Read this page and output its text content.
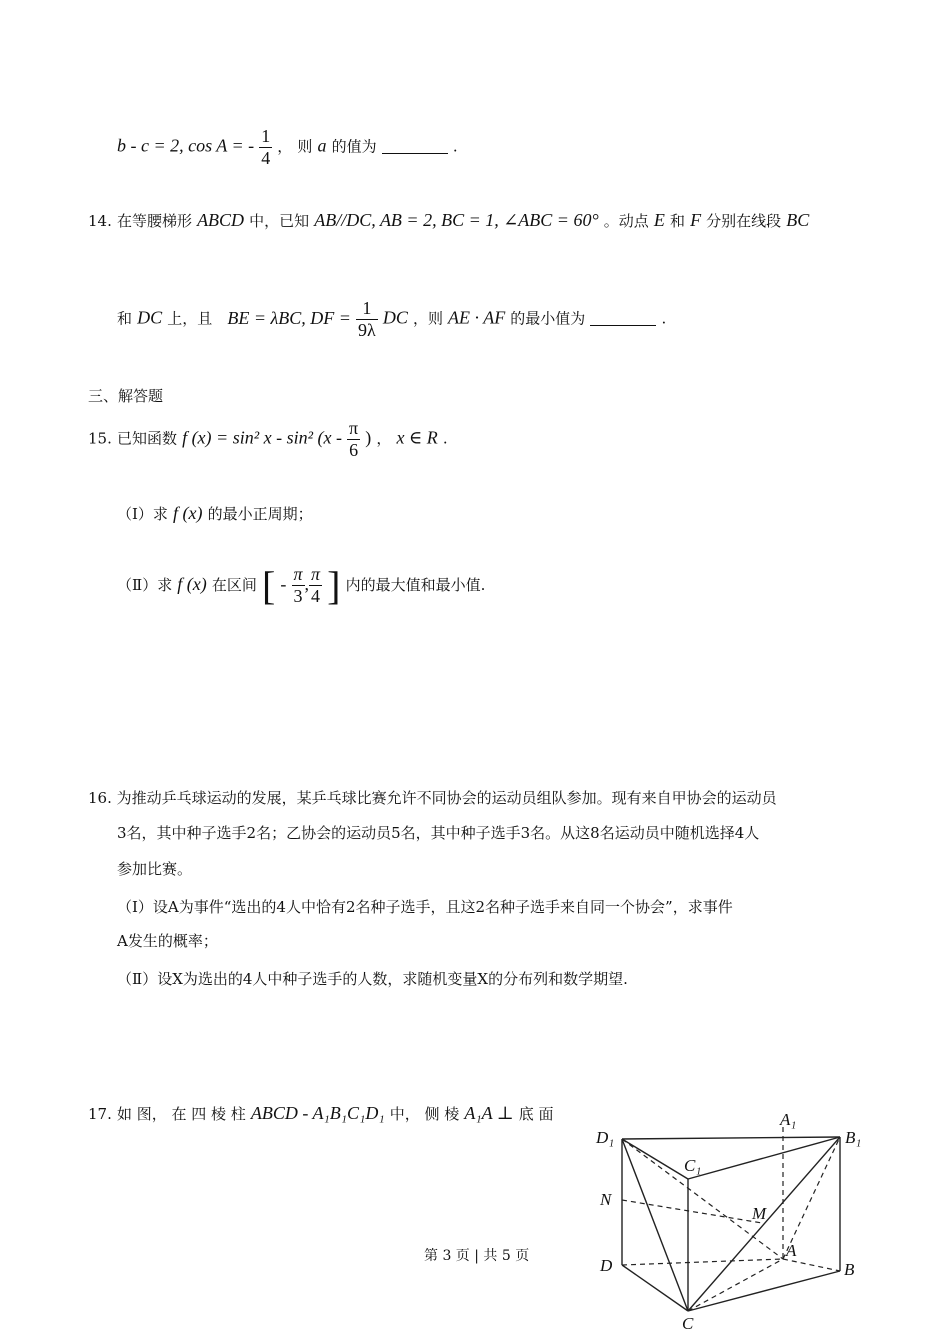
b - c = 2, cos A = - $\frac{1}{4}$ ， 则 a 的值为	.
14. 在等腰梯形 ABCD 中，已知 AB//DC, AB = 2, BC = 1, ∠ABC = 60° 。动点 E 和 F 分别在线段 BC
和 DC 上，且 BE = λBC, DF = $\frac{1}{9\lambda}$ DC ，则 AE · AF 的最小值为	.
三、解答题
15. 已知函数 f (x) = sin² x - sin² ($x - \frac{\pi}{6}$ ) ， x ∈ R .
（Ⅰ）求 f (x) 的最小正周期；
（Ⅱ）求 f (x) 在区间 [ - $\frac{\pi}{3}$ , $\frac{\pi}{4}$ ] 内的最大值和最小值.
16. 为推动乒乓球运动的发展，某乒乓球比赛允许不同协会的运动员组队参加。现有来自甲协会的运动员
3名，其中种子选手2名；乙协会的运动员5名，其中种子选手3名。从这8名运动员中随机选择4人
参加比赛。
（Ⅰ）设A为事件“选出的4人中恰有2名种子选手，且这2名种子选手来自同一个协会”，求事件
A发生的概率；
（Ⅱ）设X为选出的4人中种子选手的人数，求随机变量X的分布列和数学期望.
17. 如 图， 在 四 棱 柱 ABCD - A₁B₁C₁D₁ 中， 侧 棱 A₁A ⊥ 底 面
D₁
A₁
B₁
C₁
N
M
A
D	B
C
第 3 页 | 共 5 页
